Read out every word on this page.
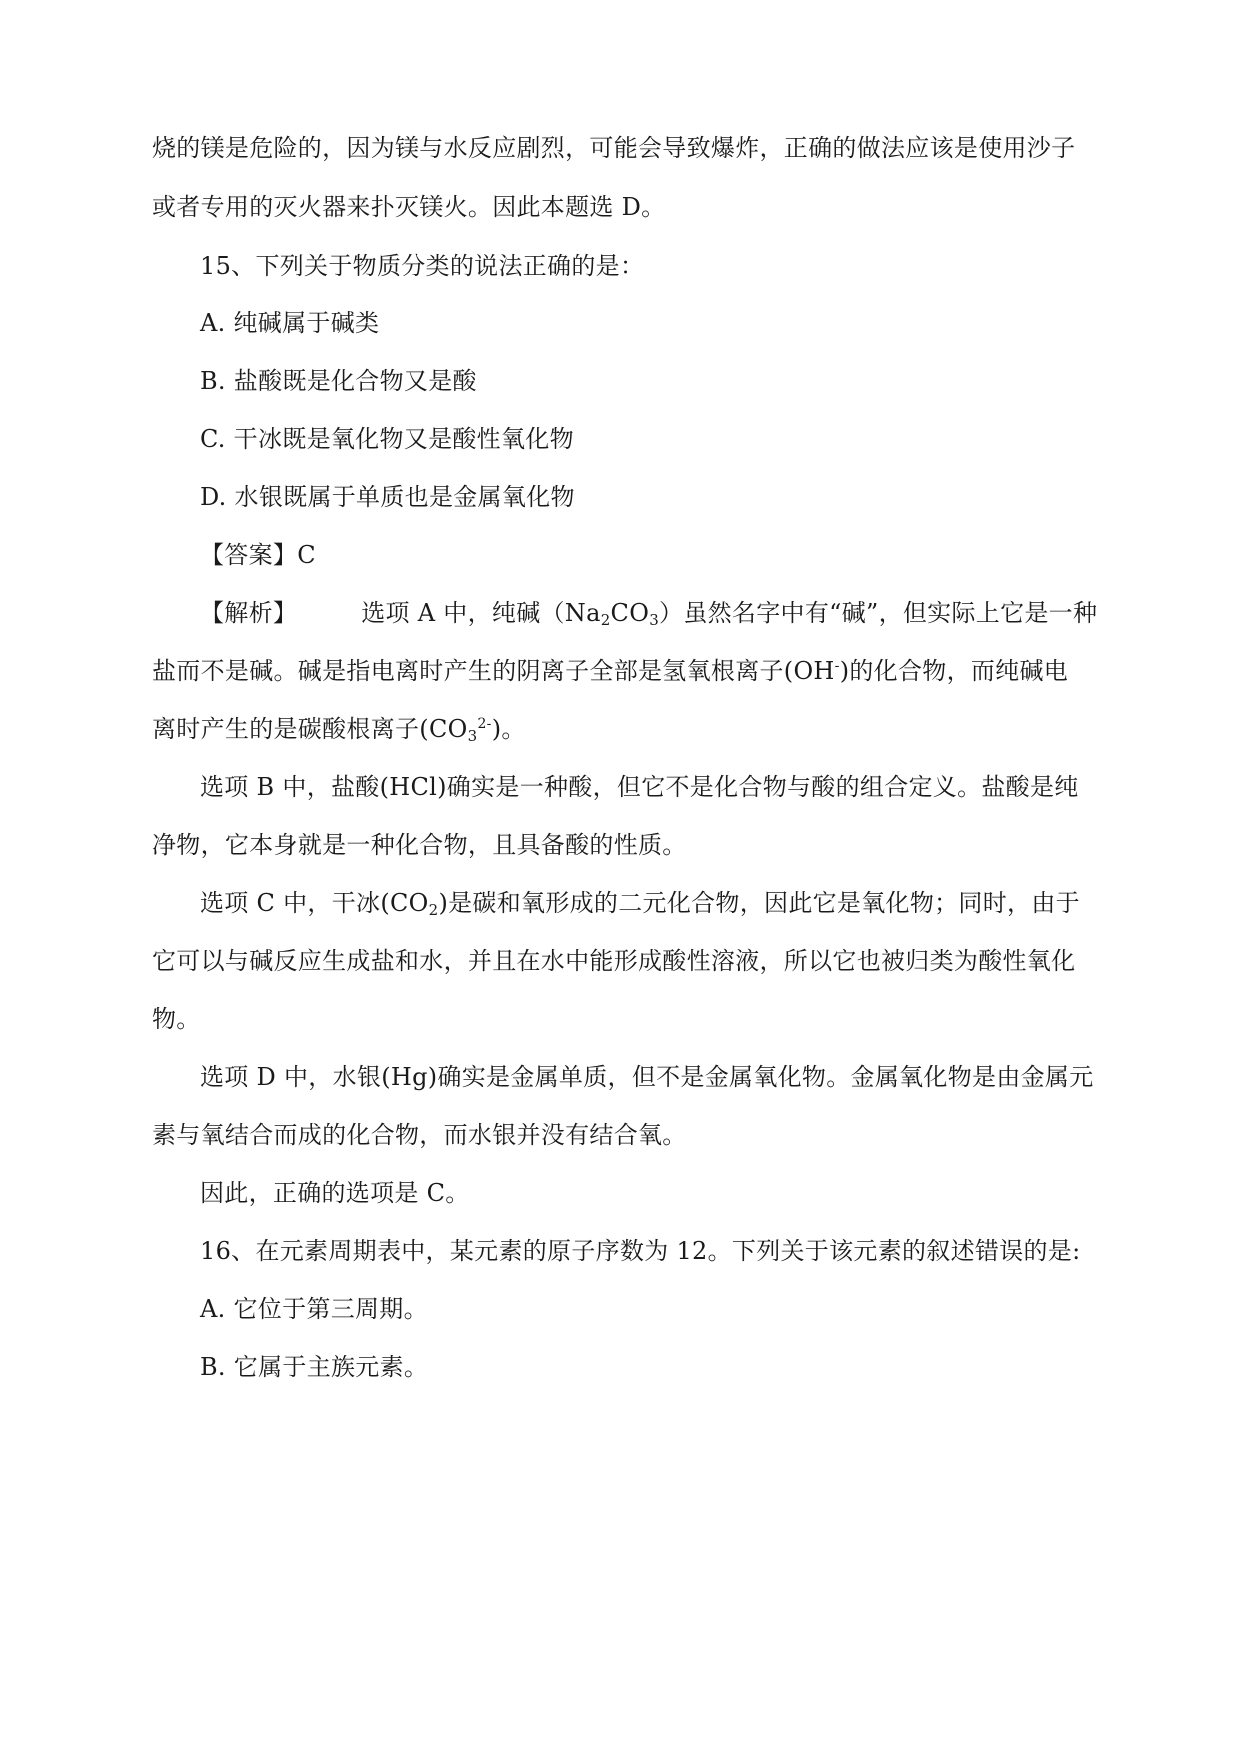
烧的镁是危险的，因为镁与水反应剧烈，可能会导致爆炸，正确的做法应该是使用沙子
或者专用的灭火器来扑灭镁火。因此本题选 D。
15、下列关于物质分类的说法正确的是：
A. 纯碱属于碱类
B. 盐酸既是化合物又是酸
C. 干冰既是氧化物又是酸性氧化物
D. 水银既属于单质也是金属氧化物
【答案】C
【解析】	选项 A 中，纯碱$(Na_2CO_3)$虽然名字中有“碱”，但实际上它是一种
盐而不是碱。碱是指电离时产生的阴离子全部是氢氧根离子(OH-)的化合物，而纯碱电
离时产生的是碳酸根离子$(CO_3^{2-})$。
选项 B 中，盐酸(HCl)确实是一种酸，但它不是化合物与酸的组合定义。盐酸是纯
净物，它本身就是一种化合物，且具备酸的性质。
选项 C 中，干冰$(CO_2)$是碳和氧形成的二元化合物，因此它是氧化物；同时，由于
它可以与碱反应生成盐和水，并且在水中能形成酸性溶液，所以它也被归类为酸性氧化
物。
选项 D 中，水银(Hg)确实是金属单质，但不是金属氧化物。金属氧化物是由金属元
素与氧结合而成的化合物，而水银并没有结合氧。
因此，正确的选项是 C。
16、在元素周期表中，某元素的原子序数为 12。下列关于该元素的叙述错误的是:
A. 它位于第三周期。
B. 它属于主族元素。
